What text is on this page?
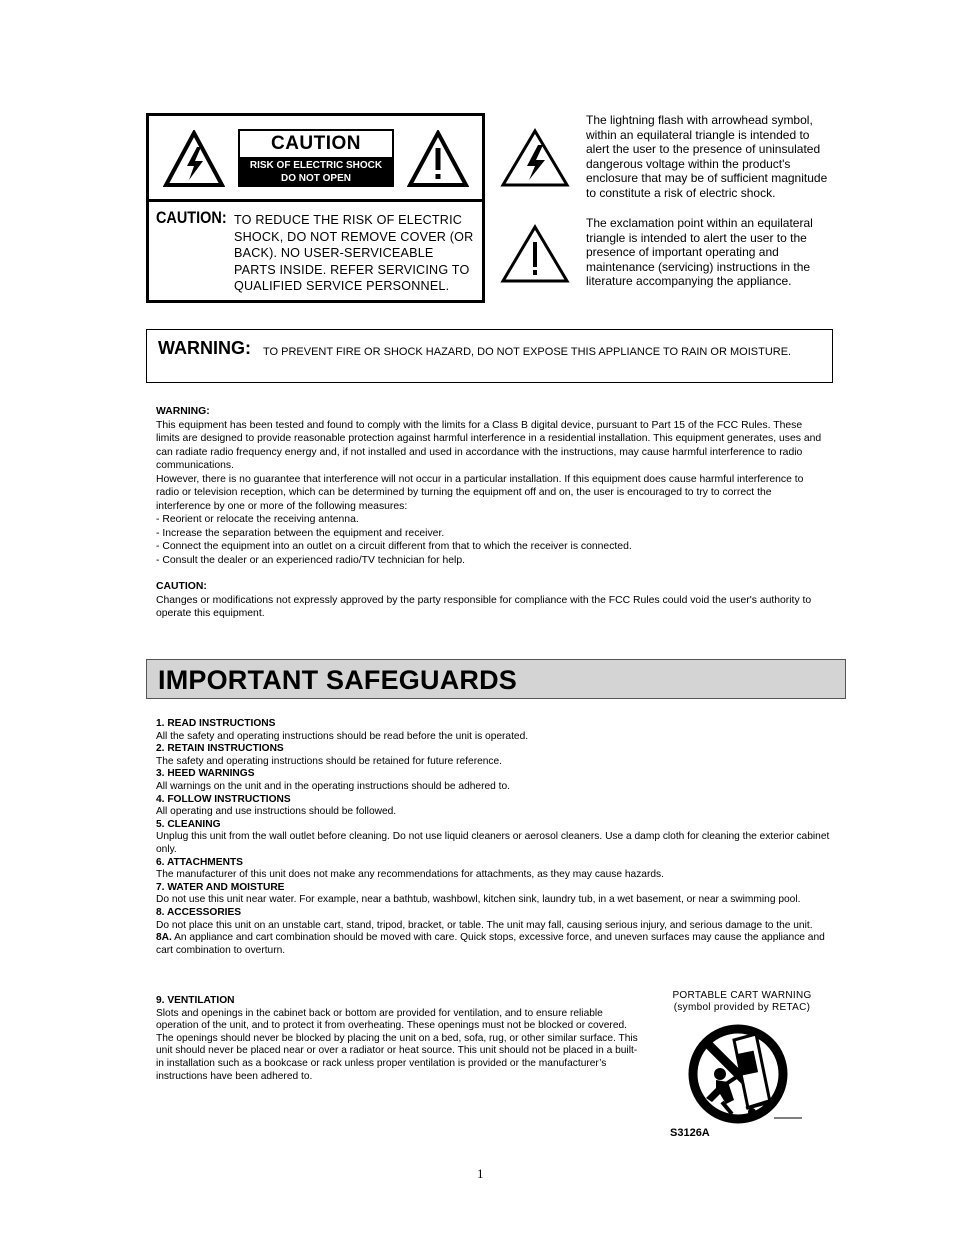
CAUTION
RISK OF ELECTRIC SHOCK
DO NOT OPEN
CAUTION: TO REDUCE THE RISK OF ELECTRIC SHOCK, DO NOT REMOVE COVER (OR BACK). NO USER-SERVICEABLE PARTS INSIDE. REFER SERVICING TO QUALIFIED SERVICE PERSONNEL.
The lightning flash with arrowhead symbol, within an equilateral triangle is intended to alert the user to the presence of uninsulated dangerous voltage within the product's enclosure that may be of sufficient magnitude to constitute a risk of electric shock.
The exclamation point within an equilateral triangle is intended to alert the user to the presence of important operating and maintenance (servicing) instructions in the literature accompanying the appliance.
WARNING: TO PREVENT FIRE OR SHOCK HAZARD, DO NOT EXPOSE THIS APPLIANCE TO RAIN OR MOISTURE.
WARNING:
This equipment has been tested and found to comply with the limits for a Class B digital device, pursuant to Part 15 of the FCC Rules. These limits are designed to provide reasonable protection against harmful interference in a residential installation. This equipment generates, uses and can radiate radio frequency energy and, if not installed and used in accordance with the instructions, may cause harmful interference to radio communications.
However, there is no guarantee that interference will not occur in a particular installation. If this equipment does cause harmful interference to radio or television reception, which can be determined by turning the equipment off and on, the user is encouraged to try to correct the interference by one or more of the following measures:
- Reorient or relocate the receiving antenna.
- Increase the separation between the equipment and receiver.
- Connect the equipment into an outlet on a circuit different from that to which the receiver is connected.
- Consult the dealer or an experienced radio/TV technician for help.
CAUTION:
Changes or modifications not expressly approved by the party responsible for compliance with the FCC Rules could void the user's authority to operate this equipment.
IMPORTANT SAFEGUARDS
1. READ INSTRUCTIONS
All the safety and operating instructions should be read before the unit is operated.
2. RETAIN INSTRUCTIONS
The safety and operating instructions should be retained for future reference.
3. HEED WARNINGS
All warnings on the unit and in the operating instructions should be adhered to.
4. FOLLOW INSTRUCTIONS
All operating and use instructions should be followed.
5. CLEANING
Unplug this unit from the wall outlet before cleaning. Do not use liquid cleaners or aerosol cleaners. Use a damp cloth for cleaning the exterior cabinet only.
6. ATTACHMENTS
The manufacturer of this unit does not make any recommendations for attachments, as they may cause hazards.
7. WATER AND MOISTURE
Do not use this unit near water. For example, near a bathtub, washbowl, kitchen sink, laundry tub, in a wet basement, or near a swimming pool.
8. ACCESSORIES
Do not place this unit on an unstable cart, stand, tripod, bracket, or table. The unit may fall, causing serious injury, and serious damage to the unit.
8A. An appliance and cart combination should be moved with care. Quick stops, excessive force, and uneven surfaces may cause the appliance and cart combination to overturn.
9. VENTILATION
Slots and openings in the cabinet back or bottom are provided for ventilation, and to ensure reliable operation of the unit, and to protect it from overheating. These openings must not be blocked or covered. The openings should never be blocked by placing the unit on a bed, sofa, rug, or other similar surface. This unit should never be placed near or over a radiator or heat source. This unit should not be placed in a built-in installation such as a bookcase or rack unless proper ventilation is provided or the manufacturer’s instructions have been adhered to.
PORTABLE CART WARNING
(symbol provided by RETAC)
S3126A
1
